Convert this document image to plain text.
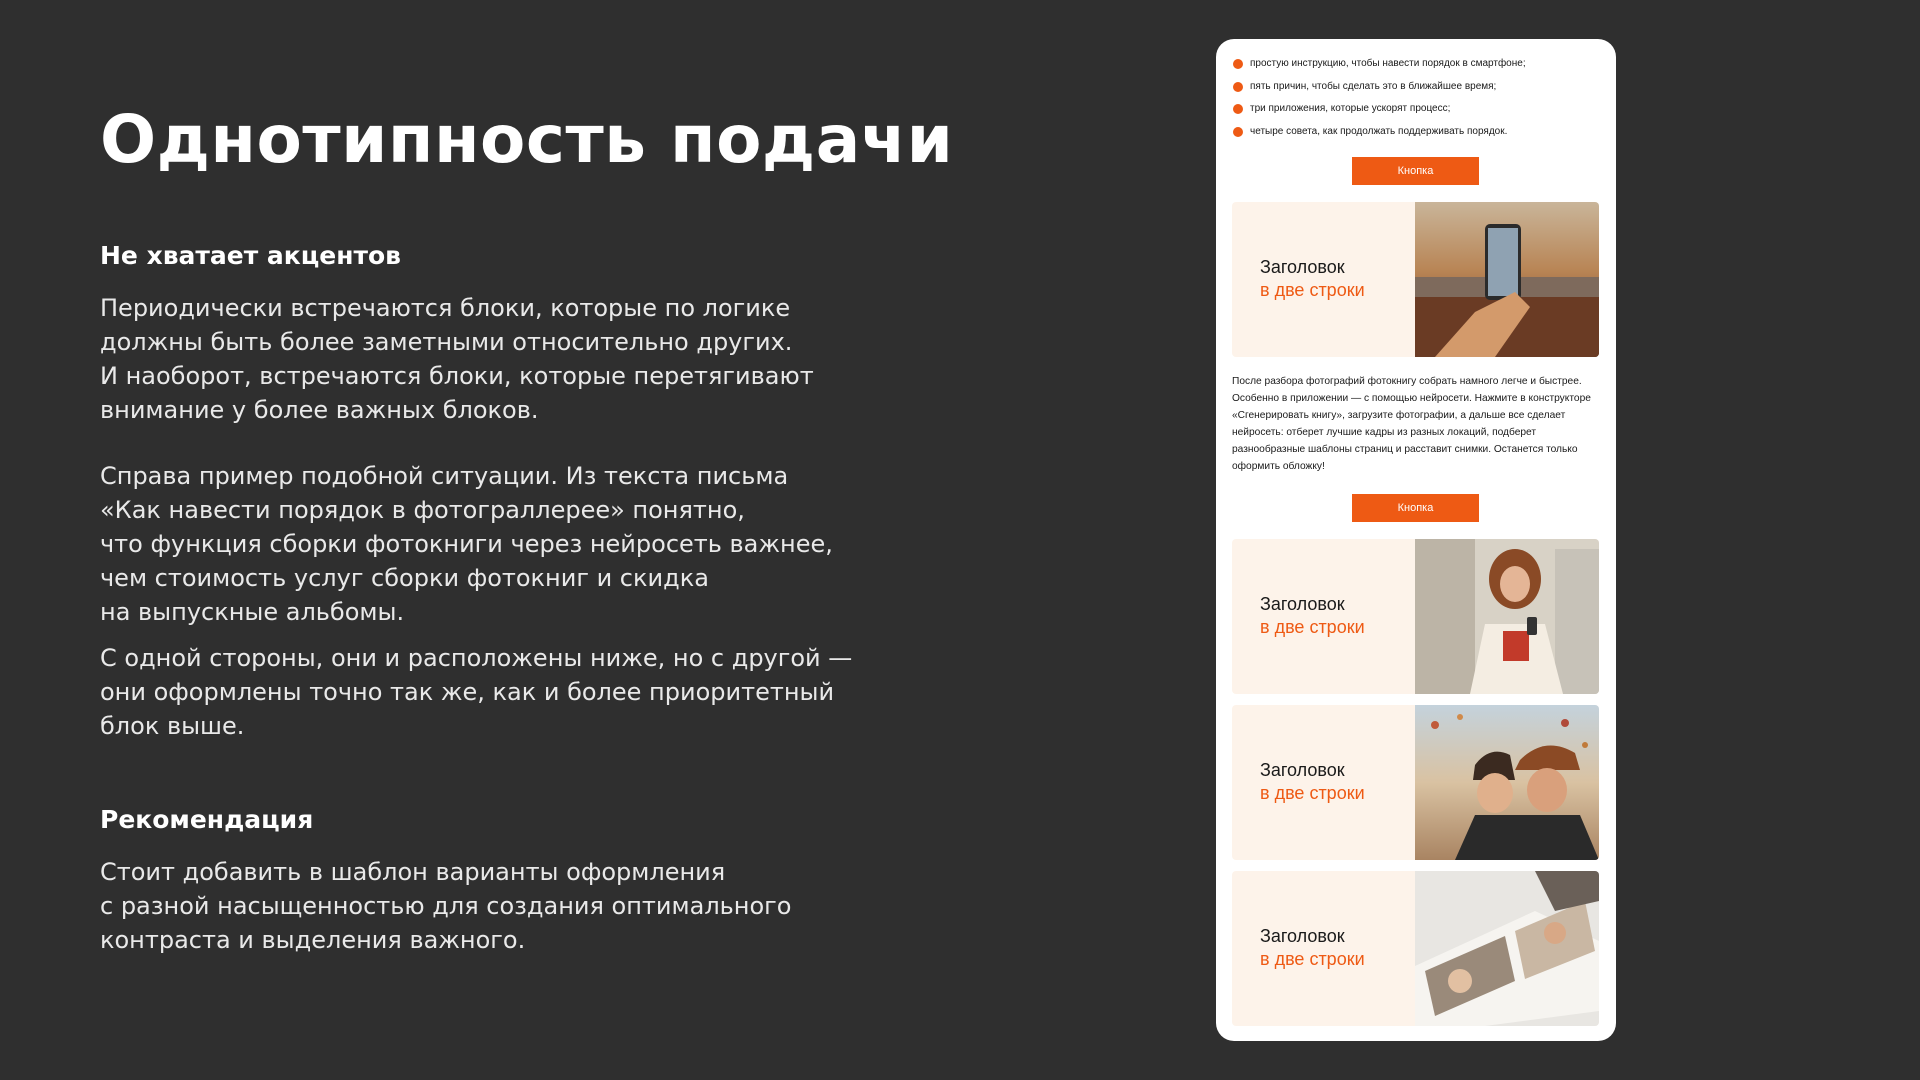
Однотипность подачи
Не хватает акцентов

Периодически встречаются блоки, которые по логике
должны быть более заметными относительно других.
И наоборот, встречаются блоки, которые перетягивают
внимание у более важных блоков.

Справа пример подобной ситуации. Из текста письма
«Как навести порядок в фотограллерее» понятно,
что функция сборки фотокниги через нейросеть важнее,
чем стоимость услуг сборки фотокниг и скидка
на выпускные альбомы.

С одной стороны, они и расположены ниже, но с другой —
они оформлены точно так же, как и более приоритетный
блок выше.

Рекомендация

Стоит добавить в шаблон варианты оформления
с разной насыщенностью для создания оптимального
контраста и выделения важного.

простую инструкцию, чтобы навести порядок в смартфоне;
пять причин, чтобы сделать это в ближайшее время;
три приложения, которые ускорят процесс;
четыре совета, как продолжать поддерживать порядок.
Кнопка
Заголовок
в две строки

После разбора фотографий фотокнигу собрать намного легче и быстрее. Особенно в приложении — с помощью нейросети. Нажмите в конструкторе «Сгенерировать книгу», загрузите фотографии, а дальше все сделает нейросеть: отберет лучшие кадры из разных локаций, подберет разнообразные шаблоны страниц и расставит снимки. Останется только оформить обложку!

Кнопка
Заголовок
в две строки
Заголовок
в две строки
Заголовок
в две строки
